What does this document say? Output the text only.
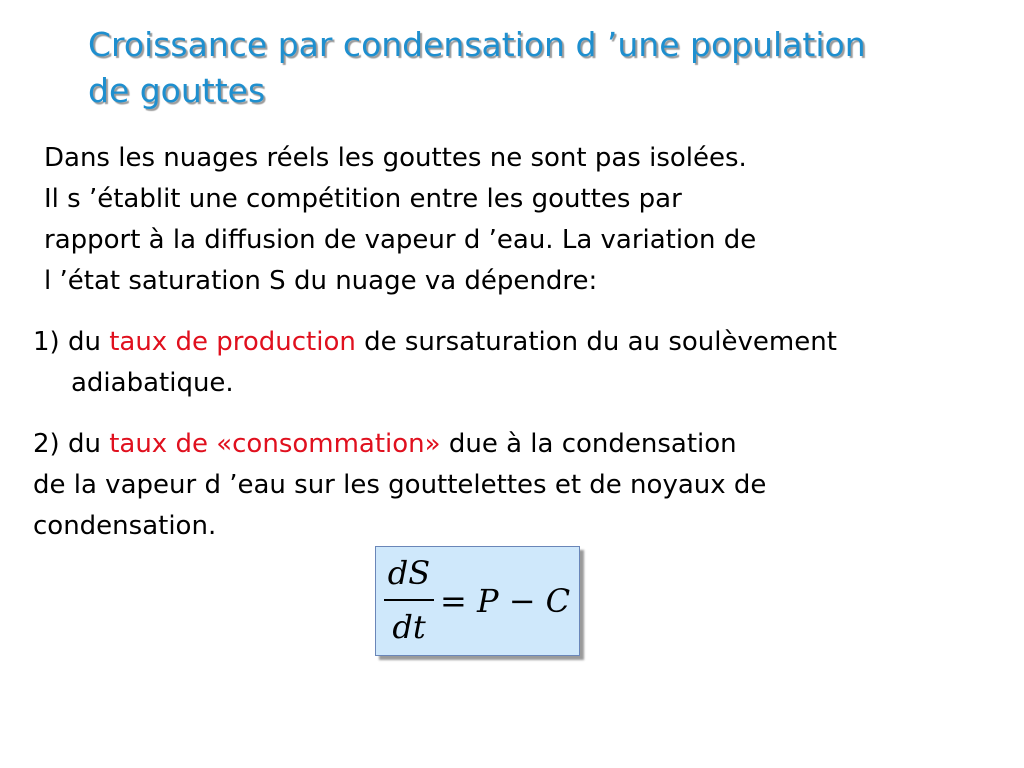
Croissance par condensation d ’une population
de gouttes
Dans les nuages réels les gouttes ne sont pas isolées.
Il s ’établit une compétition entre les gouttes par
rapport à la diffusion de vapeur d ’eau. La variation de
l ’état saturation S du nuage va dépendre:
1) du taux de production de sursaturation du au soulèvement
adiabatique.
2) du taux de «consommation» due à la condensation
de la vapeur d ’eau sur les gouttelettes et de noyaux de
condensation.
dS
dt
= P − C
